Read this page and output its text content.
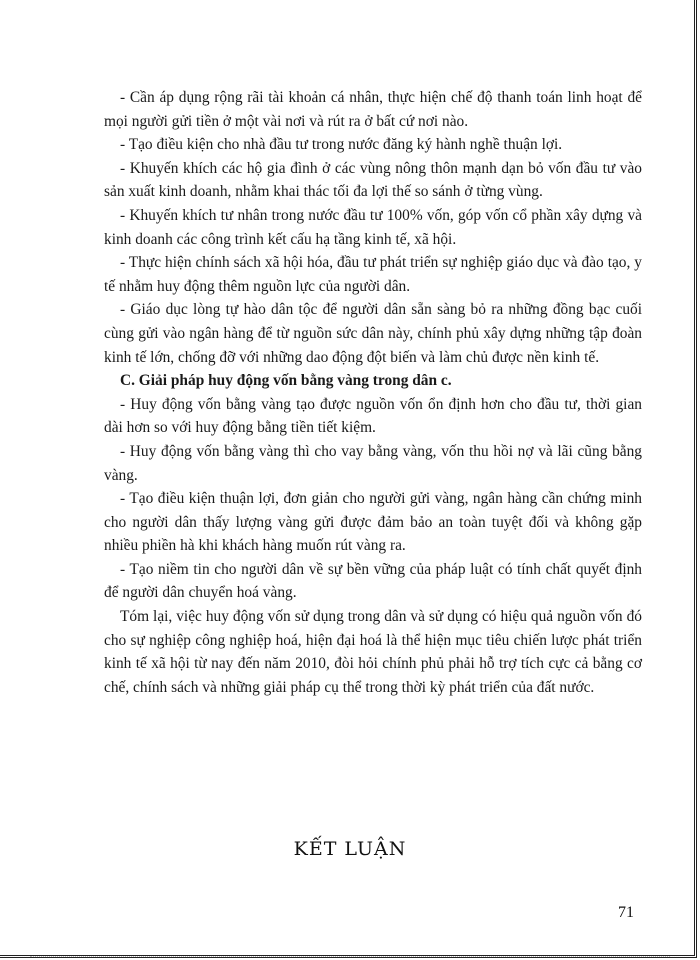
- Cần áp dụng rộng rãi tài khoản cá nhân, thực hiện chế độ thanh toán linh hoạt để mọi người gửi tiền ở một vài nơi và rút ra ở bất cứ nơi nào.

- Tạo điều kiện cho nhà đầu tư trong nước đăng ký hành nghề thuận lợi.

- Khuyến khích các hộ gia đình ở các vùng nông thôn mạnh dạn bỏ vốn đầu tư vào sản xuất kinh doanh, nhằm khai thác tối đa lợi thế so sánh ở từng vùng.

- Khuyến khích tư nhân trong nước đầu tư 100% vốn, góp vốn cổ phần xây dựng và kinh doanh các công trình kết cấu hạ tầng kinh tế, xã hội.

- Thực hiện chính sách xã hội hóa, đầu tư phát triển sự nghiệp giáo dục và đào tạo, y tế nhằm huy động thêm nguồn lực của người dân.

- Giáo dục lòng tự hào dân tộc để người dân sẵn sàng bỏ ra những đồng bạc cuối cùng gửi vào ngân hàng để từ nguồn sức dân này, chính phủ xây dựng những tập đoàn kinh tế lớn, chống đỡ với những dao động đột biến và làm chủ được nền kinh tế.

C. Giải pháp huy động vốn bằng vàng trong dân c.

- Huy động vốn bằng vàng tạo được nguồn vốn ổn định hơn cho đầu tư, thời gian dài hơn so với huy động bằng tiền tiết kiệm.

- Huy động vốn bằng vàng thì cho vay bằng vàng, vốn thu hồi nợ và lãi cũng bằng vàng.

- Tạo điều kiện thuận lợi, đơn giản cho người gửi vàng, ngân hàng cần chứng minh cho người dân thấy lượng vàng gửi được đảm bảo an toàn tuyệt đối và không gặp nhiều phiền hà khi khách hàng muốn rút vàng ra.

- Tạo niềm tin cho người dân về sự bền vững của pháp luật có tính chất quyết định để người dân chuyển hoá vàng.

Tóm lại, việc huy động vốn sử dụng trong dân và sử dụng có hiệu quả nguồn vốn đó cho sự nghiệp công nghiệp hoá, hiện đại hoá là thể hiện mục tiêu chiến lược phát triển kinh tế xã hội từ nay đến năm 2010, đòi hỏi chính phủ phải hỗ trợ tích cực cả bằng cơ chế, chính sách và những giải pháp cụ thể trong thời kỳ phát triển của đất nước.

KẾT LUẬN
71
